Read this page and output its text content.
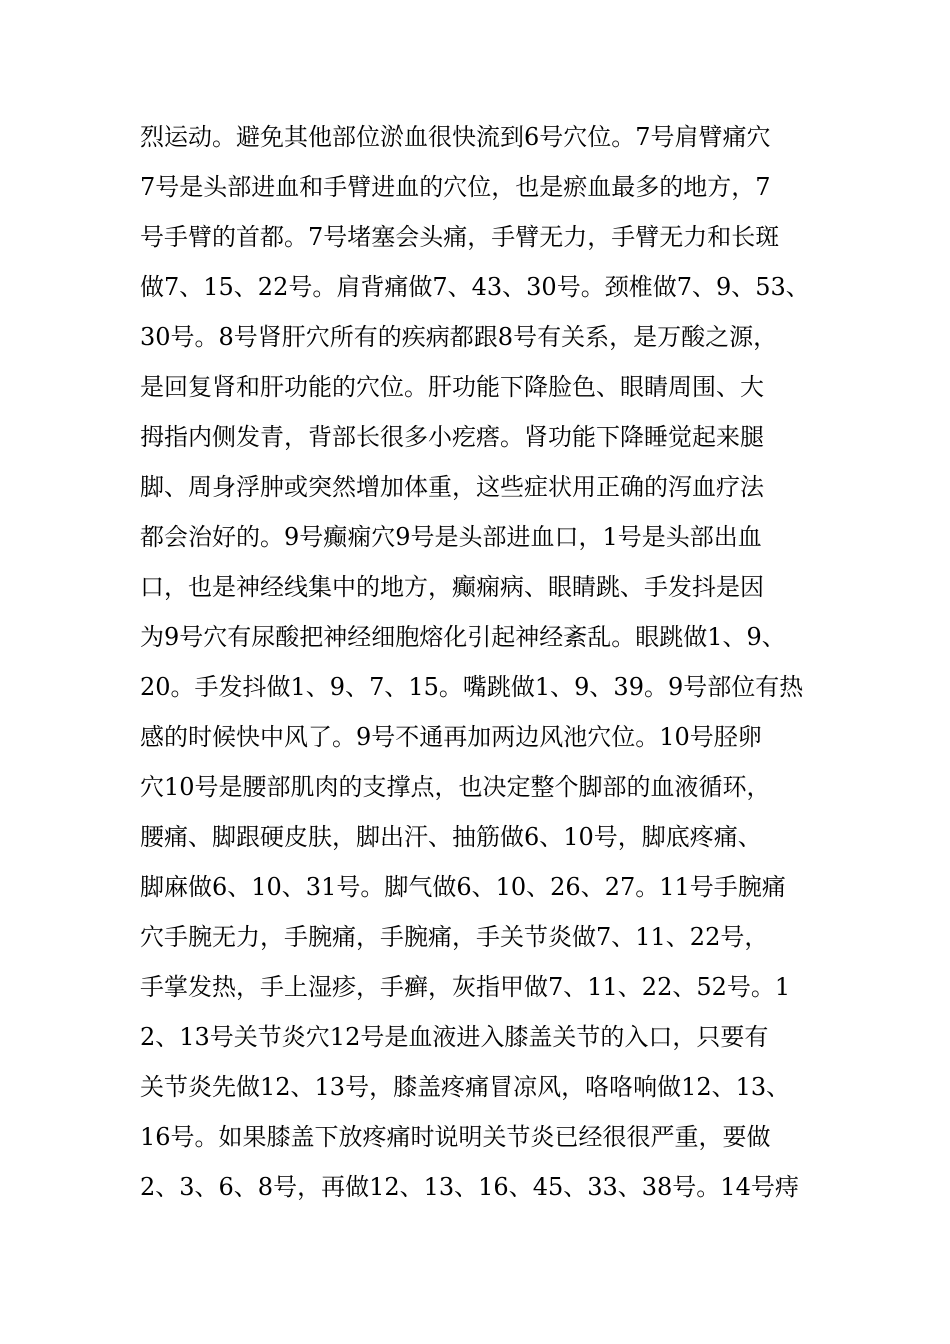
烈运动。避免其他部位淤血很快流到6号穴位。7号肩臂痛穴
7号是头部进血和手臂进血的穴位，也是瘀血最多的地方，7
号手臂的首都。7号堵塞会头痛，手臂无力，手臂无力和长斑
做7、15、22号。肩背痛做7、43、30号。颈椎做7、9、53、
30号。8号肾肝穴所有的疾病都跟8号有关系，是万酸之源，
是回复肾和肝功能的穴位。肝功能下降脸色、眼睛周围、大
拇指内侧发青，背部长很多小疙瘩。肾功能下降睡觉起来腿
脚、周身浮肿或突然增加体重，这些症状用正确的泻血疗法
都会治好的。9号癫痫穴9号是头部进血口，1号是头部出血
口，也是神经线集中的地方，癫痫病、眼睛跳、手发抖是因
为9号穴有尿酸把神经细胞熔化引起神经紊乱。眼跳做1、9、
20。手发抖做1、9、7、15。嘴跳做1、9、39。9号部位有热
感的时候快中风了。9号不通再加两边风池穴位。10号胫卵
穴10号是腰部肌肉的支撑点，也决定整个脚部的血液循环，
腰痛、脚跟硬皮肤，脚出汗、抽筋做6、10号，脚底疼痛、
脚麻做6、10、31号。脚气做6、10、26、27。11号手腕痛
穴手腕无力，手腕痛，手腕痛，手关节炎做7、11、22号，
手掌发热，手上湿疹，手癣，灰指甲做7、11、22、52号。1
2、13号关节炎穴12号是血液进入膝盖关节的入口，只要有
关节炎先做12、13号，膝盖疼痛冒凉风，咯咯响做12、13、
16号。如果膝盖下放疼痛时说明关节炎已经很很严重，要做
2、3、6、8号，再做12、13、16、45、33、38号。14号痔
